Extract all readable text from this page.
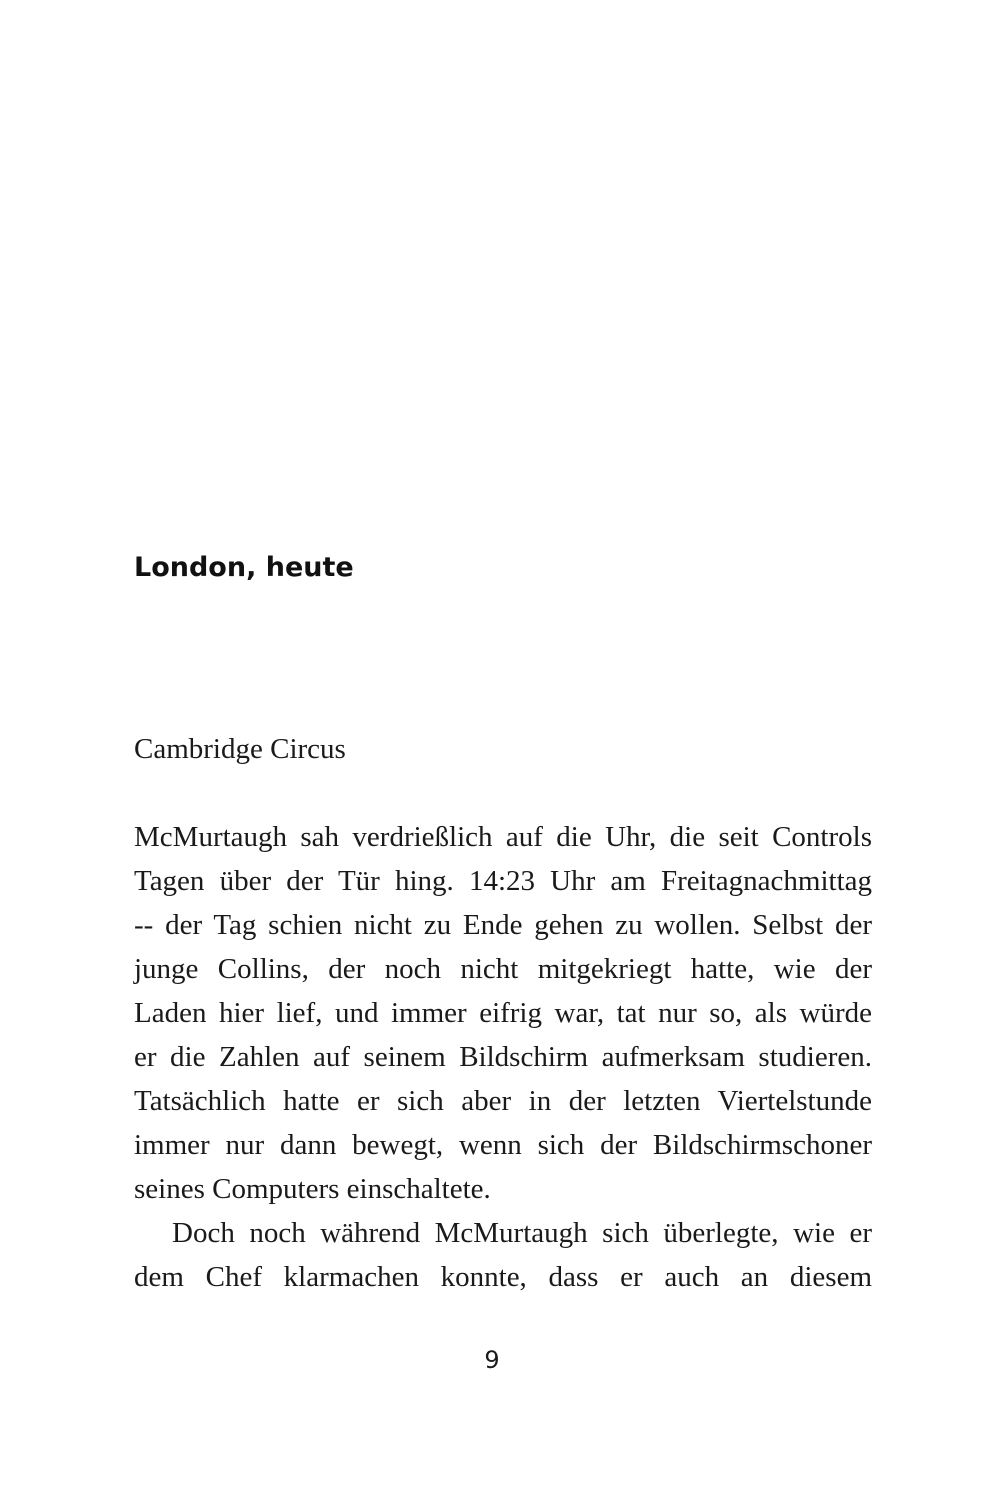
London, heute

Cambridge Circus

McMurtaugh sah verdrießlich auf die Uhr, die seit Controls
Tagen über der Tür hing. 14:23 Uhr am Freitagnachmittag
-- der Tag schien nicht zu Ende gehen zu wollen. Selbst der
junge Collins, der noch nicht mitgekriegt hatte, wie der
Laden hier lief, und immer eifrig war, tat nur so, als würde
er die Zahlen auf seinem Bildschirm aufmerksam studieren.
Tatsächlich hatte er sich aber in der letzten Viertelstunde
immer nur dann bewegt, wenn sich der Bildschirmschoner
seines Computers einschaltete.
Doch noch während McMurtaugh sich überlegte, wie er
dem Chef klarmachen konnte, dass er auch an diesem
9
